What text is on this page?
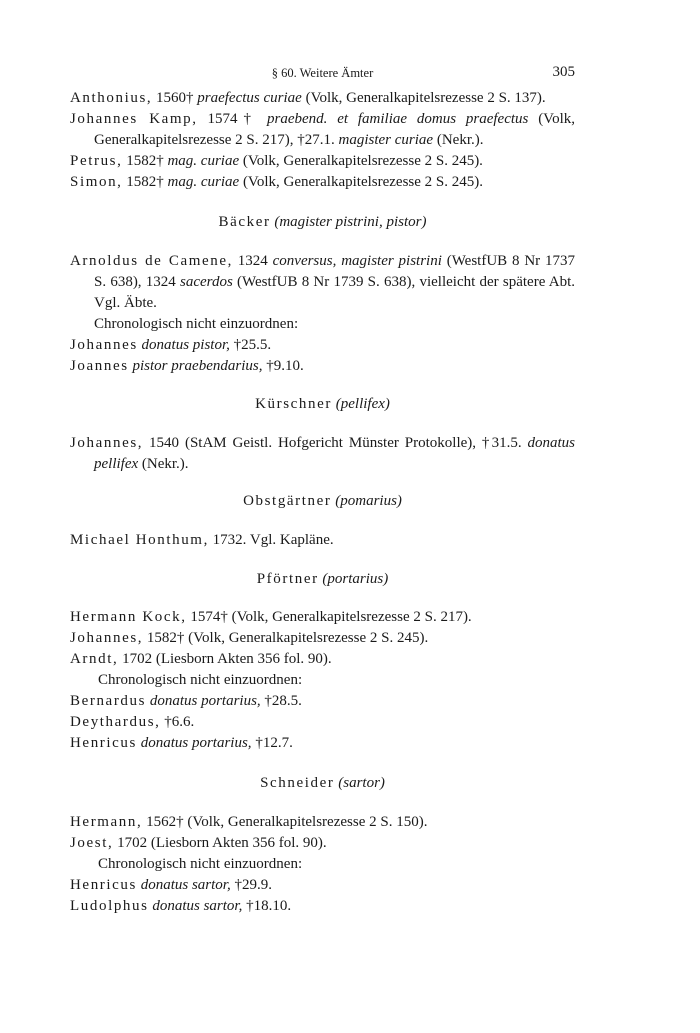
§ 60. Weitere Ämter	305
Anthonius, 1560† praefectus curiae (Volk, Generalkapitelsrezesse 2 S. 137).
Johannes Kamp, 1574† praebend. et familiae domus praefectus (Volk, Generalkapitelsrezesse 2 S. 217), †27.1. magister curiae (Nekr.).
Petrus, 1582† mag. curiae (Volk, Generalkapitelsrezesse 2 S. 245).
Simon, 1582† mag. curiae (Volk, Generalkapitelsrezesse 2 S. 245).
Bäcker (magister pistrini, pistor)
Arnoldus de Camene, 1324 conversus, magister pistrini (WestfUB 8 Nr 1737 S. 638), 1324 sacerdos (WestfUB 8 Nr 1739 S. 638), vielleicht der spätere Abt. Vgl. Äbte.
Chronologisch nicht einzuordnen:
Johannes donatus pistor, †25.5.
Joannes pistor praebendarius, †9.10.
Kürschner (pellifex)
Johannes, 1540 (StAM Geistl. Hofgericht Münster Protokolle), †31.5. donatus pellifex (Nekr.).
Obstgärtner (pomarius)
Michael Honthum, 1732. Vgl. Kapläne.
Pförtner (portarius)
Hermann Kock, 1574† (Volk, Generalkapitelsrezesse 2 S. 217).
Johannes, 1582† (Volk, Generalkapitelsrezesse 2 S. 245).
Arndt, 1702 (Liesborn Akten 356 fol. 90).
Chronologisch nicht einzuordnen:
Bernardus donatus portarius, †28.5.
Deythardus, †6.6.
Henricus donatus portarius, †12.7.
Schneider (sartor)
Hermann, 1562† (Volk, Generalkapitelsrezesse 2 S. 150).
Joest, 1702 (Liesborn Akten 356 fol. 90).
Chronologisch nicht einzuordnen:
Henricus donatus sartor, †29.9.
Ludolphus donatus sartor, †18.10.
